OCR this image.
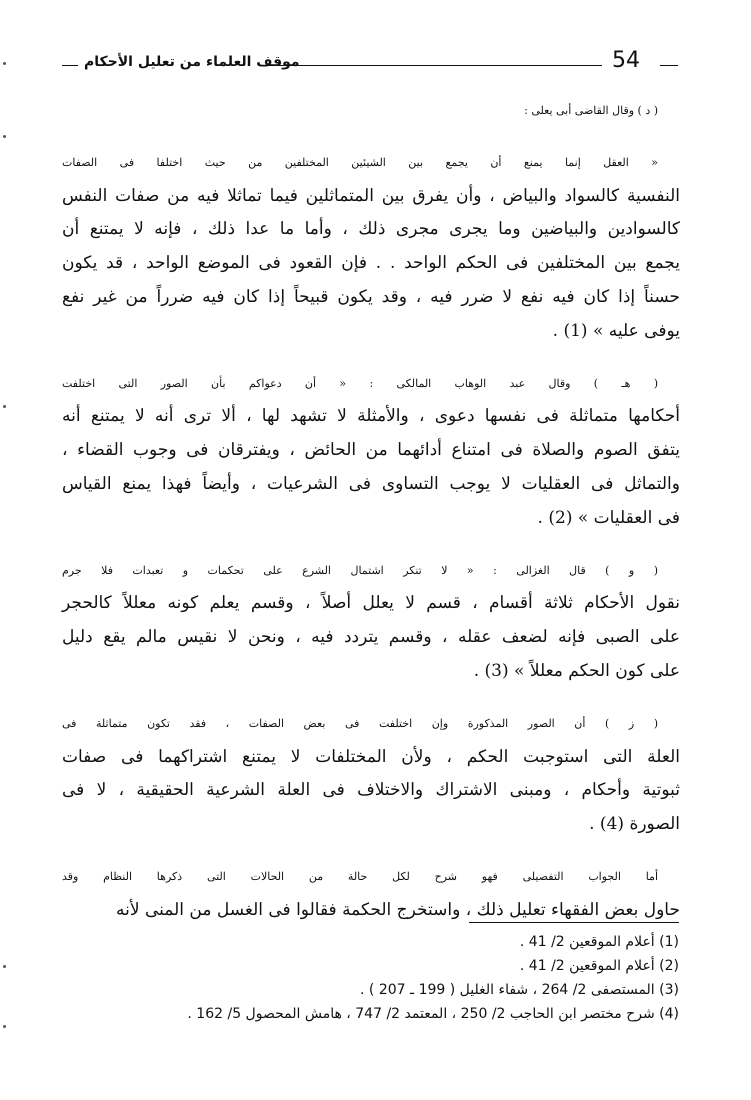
موقف العلماء من تعليل الأحكام	54

( د ) وقال القاضى أبى يعلى :

« العقل إنما يمنع أن يجمع بين الشيئين المختلفين من حيث اختلفا فى الصفات
النفسية كالسواد والبياض ، وأن يفرق بين المتماثلين فيما تماثلا فيه من صفات النفس
كالسوادين والبياضين وما يجرى مجرى ذلك ، وأما ما عدا ذلك ، فإنه لا يمتنع أن
يجمع بين المختلفين فى الحكم الواحد . . فإن القعود فى الموضع الواحد ، قد يكون
حسناً إذا كان فيه نفع لا ضرر فيه ، وقد يكون قبيحاً إذا كان فيه ضرراً من غير نفع
يوفى عليه » (1) .

( هـ ) وقال عبد الوهاب المالكى : « أن دعواكم بأن الصور التى اختلفت
أحكامها متماثلة فى نفسها دعوى ، والأمثلة لا تشهد لها ، ألا ترى أنه لا يمتنع أنه
يتفق الصوم والصلاة فى امتناع أدائهما من الحائض ، ويفترقان فى وجوب القضاء ،
والتماثل فى العقليات لا يوجب التساوى فى الشرعيات ، وأيضاً فهذا يمنع القياس
فى العقليات » (2) .

( و ) قال الغزالى : « لا تنكر اشتمال الشرع على تحكمات و تعبدات فلا جرم
نقول الأحكام ثلاثة أقسام ، قسم لا يعلل أصلاً ، وقسم يعلم كونه معللاً كالحجر
على الصبى فإنه لضعف عقله ، وقسم يتردد فيه ، ونحن لا نقيس مالم يقع دليل
على كون الحكم معللاً » (3) .

( ز ) أن الصور المذكورة وإن اختلفت فى بعض الصفات ، فقد تكون متماثلة فى
العلة التى استوجبت الحكم ، ولأن المختلفات لا يمتنع اشتراكهما فى صفات
ثبوتية وأحكام ، ومبنى الاشتراك والاختلاف فى العلة الشرعية الحقيقية ، لا فى
الصورة (4) .

أما الجواب التفصيلى فهو شرح لكل حالة من الحالات التى ذكرها النظام وقد
حاول بعض الفقهاء تعليل ذلك ، واستخرج الحكمة فقالوا فى الغسل من المنى لأنه

(1) أعلام الموقعين 2/ 41 .
(2) أعلام الموقعين 2/ 41 .
(3) المستصفى 2/ 264 ، شفاء الغليل ( 199 ـ 207 ) .
(4) شرح مختصر ابن الحاجب 2/ 250 ، المعتمد 2/ 747 ، هامش المحصول 5/ 162 .
